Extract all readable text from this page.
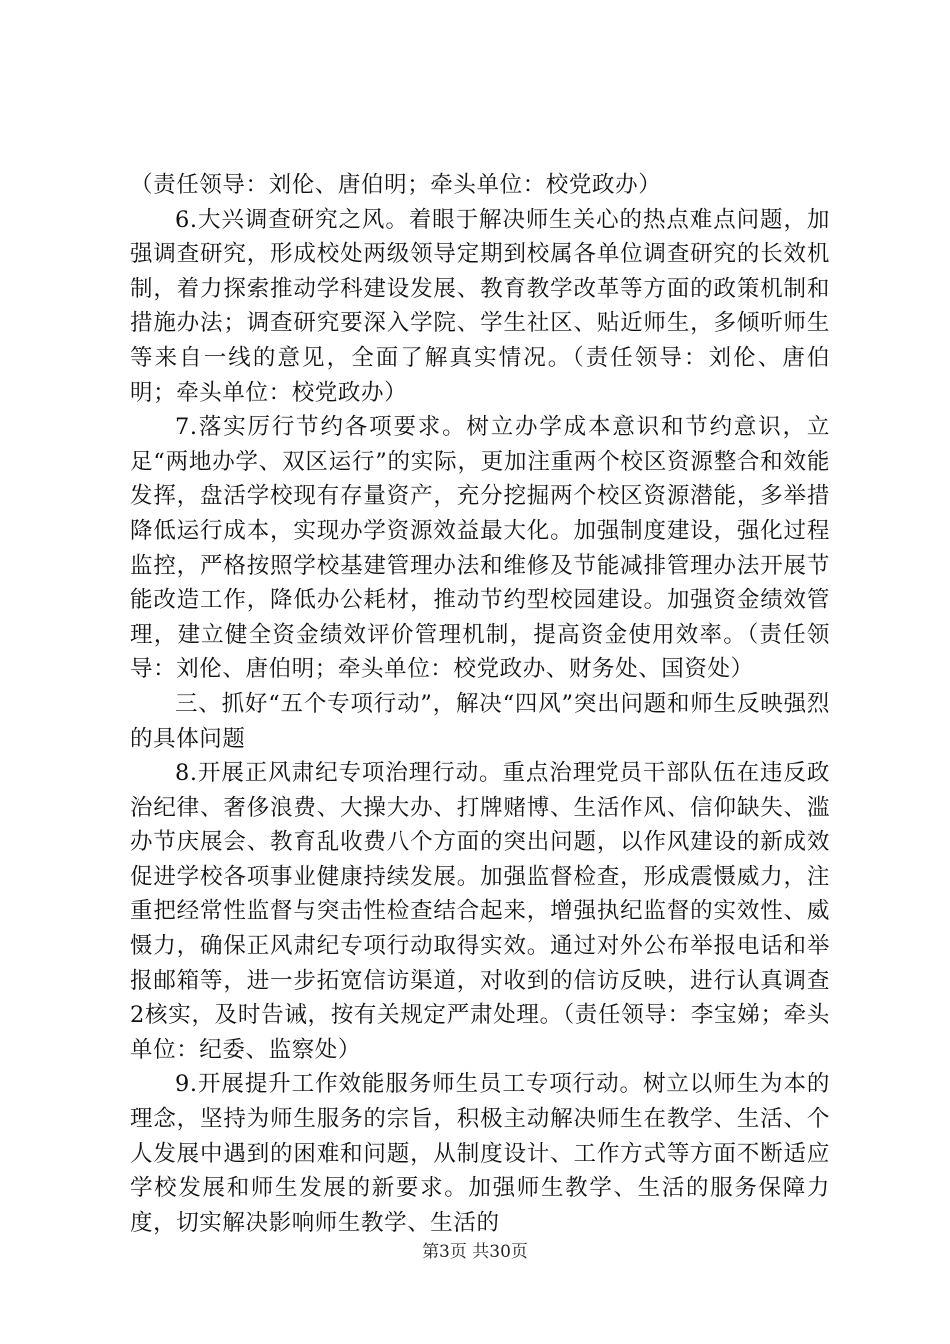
（责任领导：刘伦、唐伯明；牵头单位：校党政办）

6.大兴调查研究之风。着眼于解决师生关心的热点难点问题，加强调查研究，形成校处两级领导定期到校属各单位调查研究的长效机制，着力探索推动学科建设发展、教育教学改革等方面的政策机制和措施办法；调查研究要深入学院、学生社区、贴近师生，多倾听师生等来自一线的意见，全面了解真实情况。（责任领导：刘伦、唐伯明；牵头单位：校党政办）

7.落实厉行节约各项要求。树立办学成本意识和节约意识，立足“两地办学、双区运行”的实际，更加注重两个校区资源整合和效能发挥，盘活学校现有存量资产，充分挖掘两个校区资源潜能，多举措降低运行成本，实现办学资源效益最大化。加强制度建设，强化过程监控，严格按照学校基建管理办法和维修及节能减排管理办法开展节能改造工作，降低办公耗材，推动节约型校园建设。加强资金绩效管理，建立健全资金绩效评价管理机制，提高资金使用效率。（责任领导：刘伦、唐伯明；牵头单位：校党政办、财务处、国资处）

三、抓好“五个专项行动”，解决“四风”突出问题和师生反映强烈的具体问题

8.开展正风肃纪专项治理行动。重点治理党员干部队伍在违反政治纪律、奢侈浪费、大操大办、打牌赌博、生活作风、信仰缺失、滥办节庆展会、教育乱收费八个方面的突出问题，以作风建设的新成效促进学校各项事业健康持续发展。加强监督检查，形成震慑威力，注重把经常性监督与突击性检查结合起来，增强执纪监督的实效性、威慑力，确保正风肃纪专项行动取得实效。通过对外公布举报电话和举报邮箱等，进一步拓宽信访渠道，对收到的信访反映，进行认真调查2核实，及时告诫，按有关规定严肃处理。（责任领导：李宝娣；牵头单位：纪委、监察处）

9.开展提升工作效能服务师生员工专项行动。树立以师生为本的理念，坚持为师生服务的宗旨，积极主动解决师生在教学、生活、个人发展中遇到的困难和问题，从制度设计、工作方式等方面不断适应学校发展和师生发展的新要求。加强师生教学、生活的服务保障力度，切实解决影响师生教学、生活的

第3页 共30页
